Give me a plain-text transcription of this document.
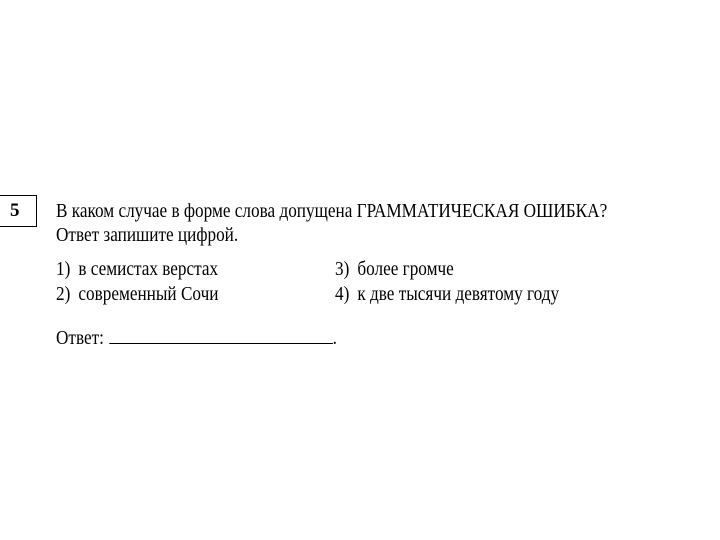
5 В каком случае в форме слова допущена ГРАММАТИЧЕСКАЯ ОШИБКА?
Ответ запишите цифрой.
1) в семистах верстах
2) современный Сочи
3) более громче
4) к две тысячи девятому году
Ответ:	.
